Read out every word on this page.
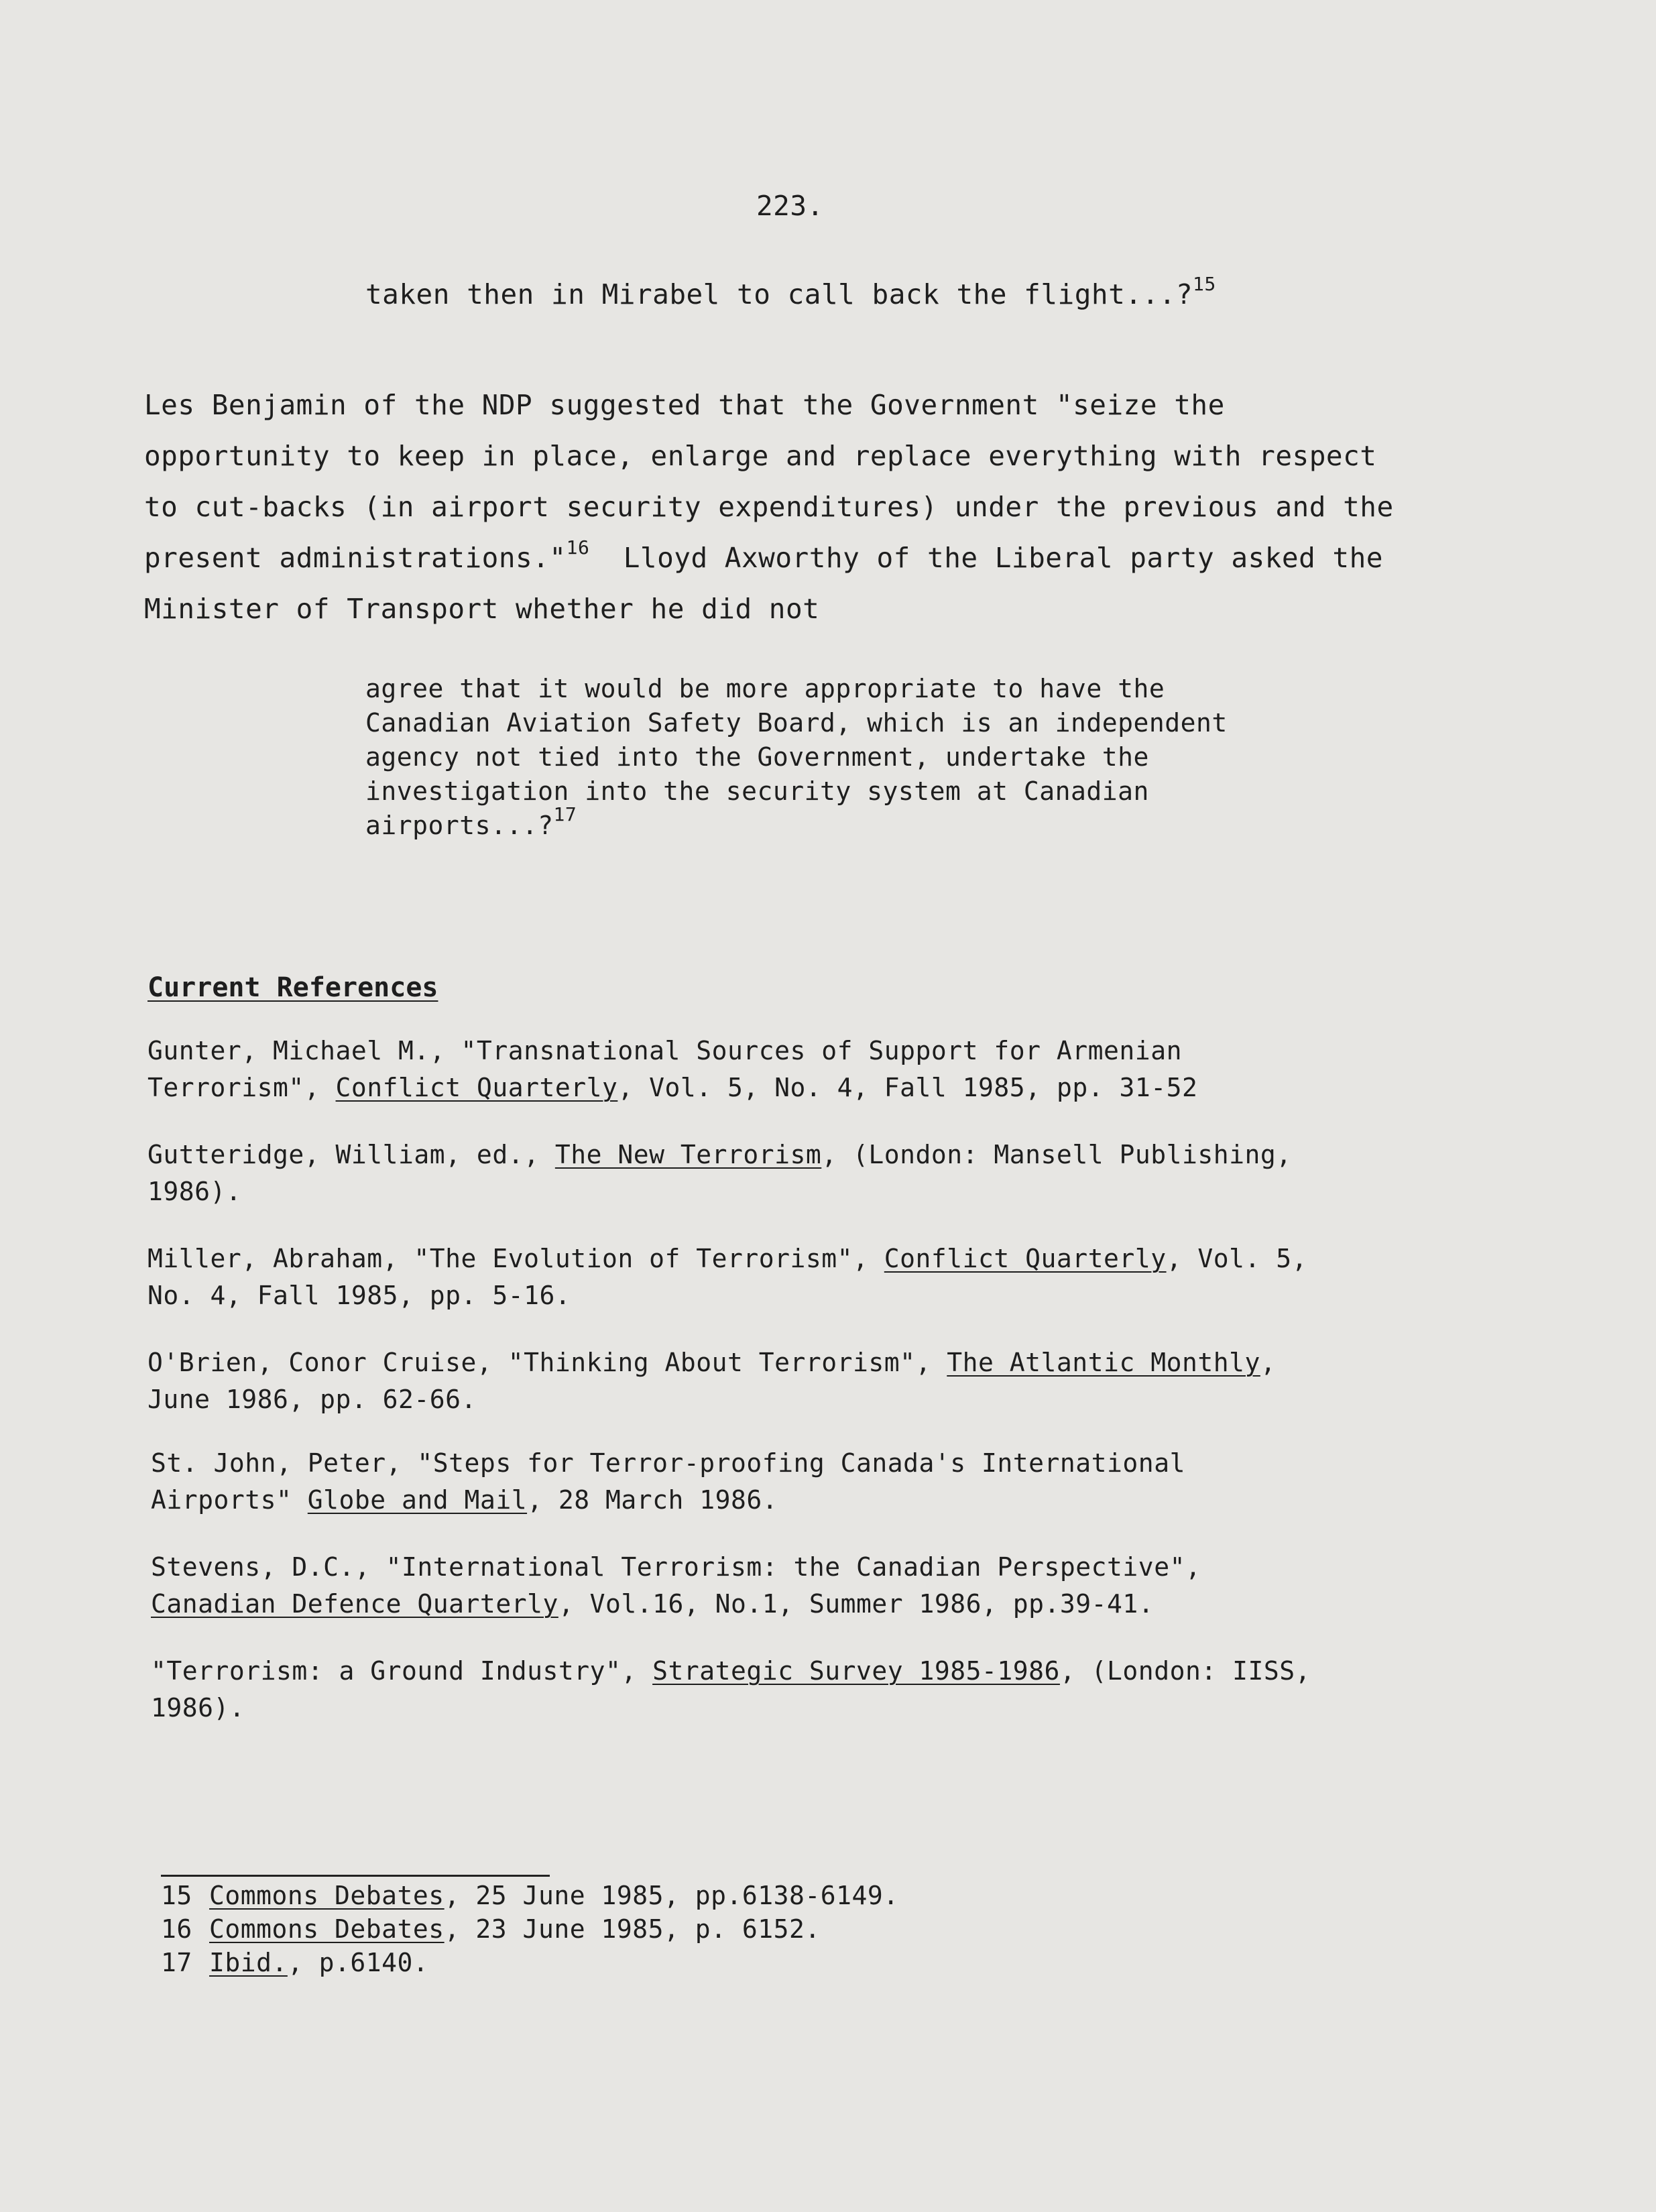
223.
taken then in Mirabel to call back the flight...?$^{15}$
Les Benjamin of the NDP suggested that the Government "seize the
opportunity to keep in place, enlarge and replace everything with respect
to cut-backs (in airport security expenditures) under the previous and the
present administrations."$^{16}$ Lloyd Axworthy of the Liberal party asked the
Minister of Transport whether he did not
agree that it would be more appropriate to have the
Canadian Aviation Safety Board, which is an independent
agency not tied into the Government, undertake the
investigation into the security system at Canadian
airports...?$^{17}$
Current References
Gunter, Michael M., "Transnational Sources of Support for Armenian
Terrorism", Conflict Quarterly, Vol. 5, No. 4, Fall 1985, pp. 31-52
Gutteridge, William, ed., The New Terrorism, (London: Mansell Publishing,
1986).
Miller, Abraham, "The Evolution of Terrorism", Conflict Quarterly, Vol. 5,
No. 4, Fall 1985, pp. 5-16.
O'Brien, Conor Cruise, "Thinking About Terrorism", The Atlantic Monthly,
June 1986, pp. 62-66.
St. John, Peter, "Steps for Terror-proofing Canada's International
Airports" Globe and Mail, 28 March 1986.
Stevens, D.C., "International Terrorism: the Canadian Perspective",
Canadian Defence Quarterly, Vol.16, No.1, Summer 1986, pp.39-41.
"Terrorism: a Ground Industry", Strategic Survey 1985-1986, (London: IISS,
1986).
15 Commons Debates, 25 June 1985, pp.6138-6149.
16 Commons Debates, 23 June 1985, p. 6152.
17 Ibid., p.6140.
